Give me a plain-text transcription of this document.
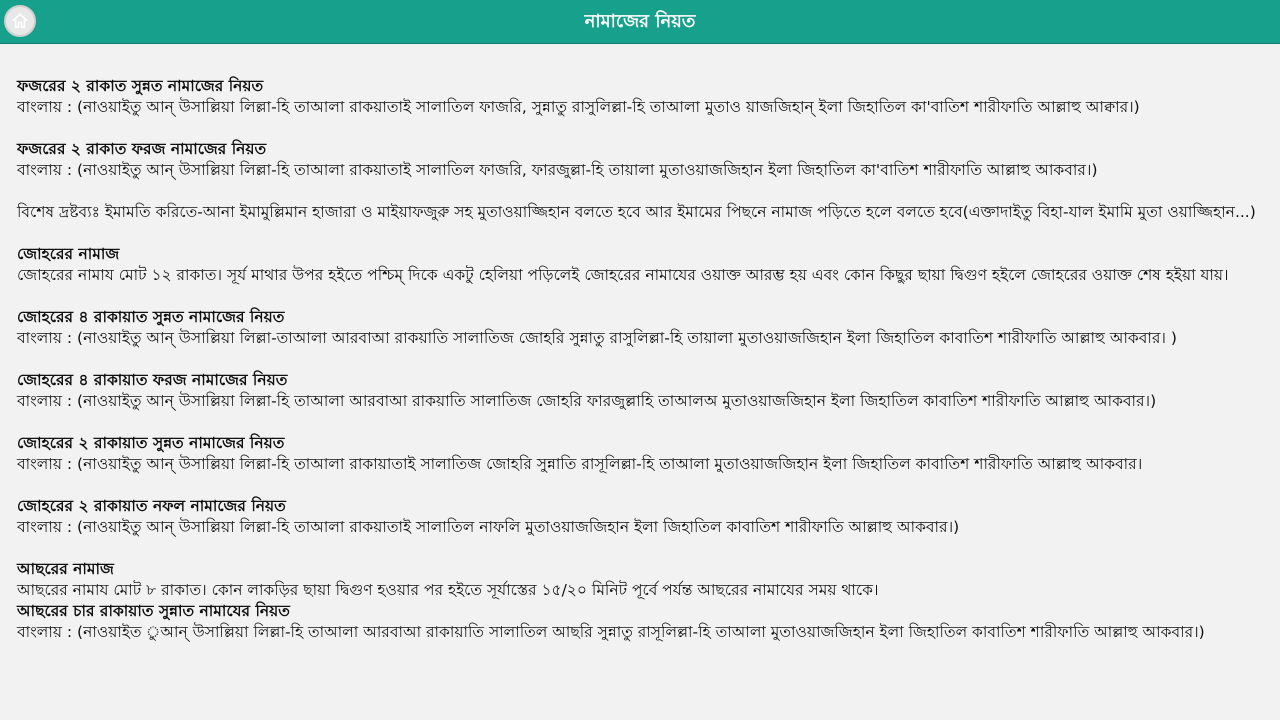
নামাজের নিয়ত
ফজরের ২ রাকাত সুন্নত নামাজের নিয়ত
বাংলায় : (নাওয়াইতু আন্ উসাল্লিয়া লিল্লা-হি তাআলা রাকয়াতাই সালাতিল ফাজরি, সুন্নাতু রাসুলিল্লা-হি তাআলা মুতাও য়াজজিহান্ ইলা জিহাতিল কা'বাতিশ শারীফাতি আল্লাহু আক্বার।)
ফজরের ২ রাকাত ফরজ নামাজের নিয়ত
বাংলায় : (নাওয়াইতু আন্ উসাল্লিয়া লিল্লা-হি তাআলা রাকয়াতাই সালাতিল ফাজরি, ফারজুল্লা-হি তায়ালা মুতাওয়াজজিহান ইলা জিহাতিল কা'বাতিশ শারীফাতি আল্লাহু আকবার।)
বিশেষ দ্রষ্টব্যঃ ইমামতি করিতে-আনা ইমামুল্লিমান হাজারা ও মাইয়াফজুরু সহ মুতাওয়াজ্জিহান বলতে হবে আর ইমামের পিছনে নামাজ পড়িতে হলে বলতে হবে(এক্তাদাইতু বিহা-যাল ইমামি মুতা ওয়াজ্জিহান...)
জোহরের নামাজ
জোহরের নামায মোট ১২ রাকাত। সূর্য মাথার উপর হইতে পশ্চিম্ দিকে একটু হেলিয়া পড়িলেই জোহরের নামাযের ওয়াক্ত আরম্ভ হয় এবং কোন কিছুর ছায়া দ্বিগুণ হইলে জোহরের ওয়াক্ত শেষ হইয়া যায়।
জোহরের ৪ রাকায়াত সুন্নত নামাজের নিয়ত
বাংলায় : (নাওয়াইতু আন্ উসাল্লিয়া লিল্লা-তাআলা আরবাআ রাকয়াতি সালাতিজ জোহরি সুন্নাতু রাসুলিল্লা-হি তায়ালা মুতাওয়াজজিহান ইলা জিহাতিল কাবাতিশ শারীফাতি আল্লাহু আকবার। )
জোহরের ৪ রাকায়াত ফরজ নামাজের নিয়ত
বাংলায় : (নাওয়াইতু আন্ উসাল্লিয়া লিল্লা-হি তাআলা আরবাআ রাকয়াতি সালাতিজ জোহরি ফারজুল্লাহি তাআলঅ মুতাওয়াজজিহান ইলা জিহাতিল কাবাতিশ শারীফাতি আল্লাহু আকবার।)
জোহরের ২ রাকায়াত সুন্নত নামাজের নিয়ত
বাংলায় : (নাওয়াইতু আন্ উসাল্লিয়া লিল্লা-হি তাআলা রাকায়াতাই সালাতিজ জোহরি সুন্নাতি রাসূলিল্লা-হি তাআলা মুতাওয়াজজিহান ইলা জিহাতিল কাবাতিশ শারীফাতি আল্লাহু আকবার।
জোহরের ২ রাকায়াত নফল নামাজের নিয়ত
বাংলায় : (নাওয়াইতু আন্ উসাল্লিয়া লিল্লা-হি তাআলা রাকয়াতাই সালাতিল নাফলি মুতাওয়াজজিহান ইলা জিহাতিল কাবাতিশ শারীফাতি আল্লাহু আকবার।)
আছরের নামাজ
আছরের নামায মোট ৮ রাকাত। কোন লাকড়ির ছায়া দ্বিগুণ হওয়ার পর হইতে সূর্যাস্তের ১৫/২০ মিনিট পূর্বে পর্যন্ত আছরের নামাযের সময় থাকে।
আছরের চার রাকায়াত সুন্নাত নামাযের নিয়ত
বাংলায় : (নাওয়াইত ুআন্ উসাল্লিয়া লিল্লা-হি তাআলা আরবাআ রাকায়াতি সালাতিল আছরি সুন্নাতু রাসূলিল্লা-হি তাআলা মুতাওয়াজজিহান ইলা জিহাতিল কাবাতিশ শারীফাতি আল্লাহু আকবার।)
